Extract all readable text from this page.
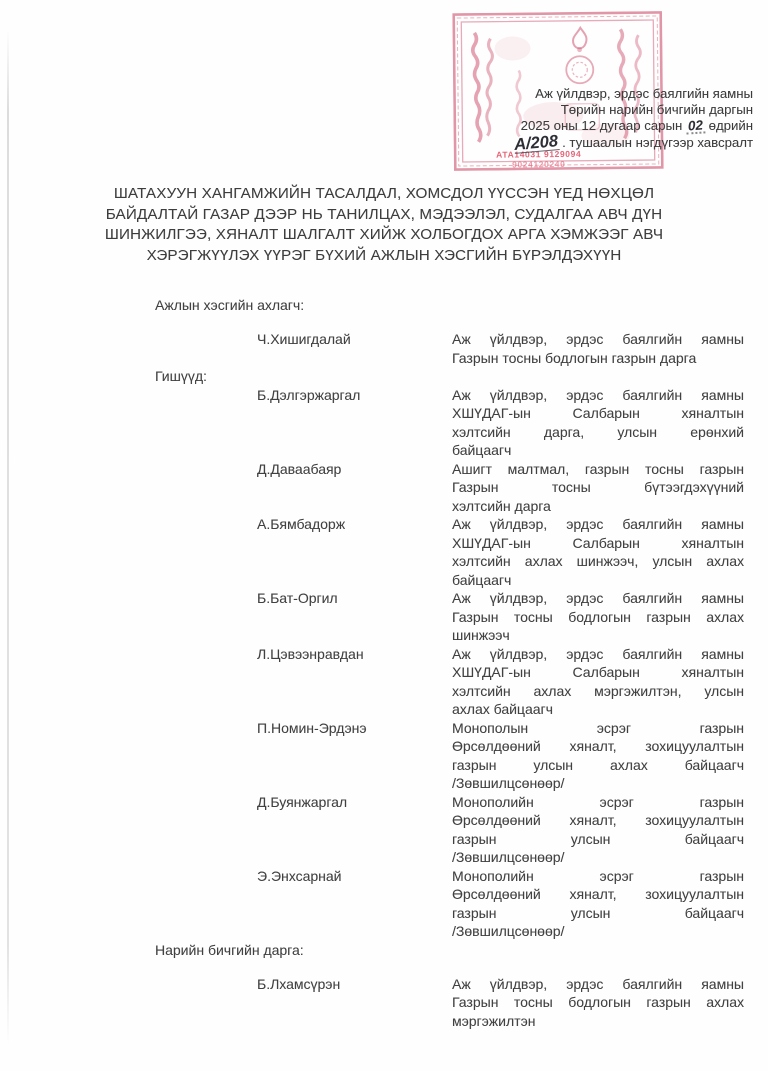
АТА14031 9129094
9024120240
Аж үйлдвэр, эрдэс баялгийн яамны
Төрийн нарийн бичгийн даргын
2025 оны 12 дугаар сарын 02 өдрийн
А/208 . тушаалын нэгдүгээр хавсралт
ШАТАХУУН ХАНГАМЖИЙН ТАСАЛДАЛ, ХОМСДОЛ ҮҮССЭН ҮЕД НӨХЦӨЛ
БАЙДАЛТАЙ ГАЗАР ДЭЭР НЬ ТАНИЛЦАХ, МЭДЭЭЛЭЛ, СУДАЛГАА АВЧ ДҮН
ШИНЖИЛГЭЭ, ХЯНАЛТ ШАЛГАЛТ ХИЙЖ ХОЛБОГДОХ АРГА ХЭМЖЭЭГ АВЧ
ХЭРЭГЖҮҮЛЭХ ҮҮРЭГ БҮХИЙ АЖЛЫН ХЭСГИЙН БҮРЭЛДЭХҮҮН
Ажлын хэсгийн ахлагч:
Ч.Хишигдалай	Аж үйлдвэр, эрдэс баялгийн яамны
Газрын тосны бодлогын газрын дарга
Гишүүд:
Б.Дэлгэржаргал	Аж үйлдвэр, эрдэс баялгийн яамны
ХШҮДАГ-ын Салбарын хяналтын
хэлтсийн дарга, улсын ерөнхий
байцаагч
Д.Даваабаяр	Ашигт малтмал, газрын тосны газрын
Газрын тосны бүтээгдэхүүний
хэлтсийн дарга
А.Бямбадорж	Аж үйлдвэр, эрдэс баялгийн яамны
ХШҮДАГ-ын Салбарын хяналтын
хэлтсийн ахлах шинжээч, улсын ахлах
байцаагч
Б.Бат-Оргил	Аж үйлдвэр, эрдэс баялгийн яамны
Газрын тосны бодлогын газрын ахлах
шинжээч
Л.Цэвээнравдан	Аж үйлдвэр, эрдэс баялгийн яамны
ХШҮДАГ-ын Салбарын хяналтын
хэлтсийн ахлах мэргэжилтэн, улсын
ахлах байцаагч
П.Номин-Эрдэнэ	Монополын эсрэг газрын
Өрсөлдөөний хяналт, зохицуулалтын
газрын улсын ахлах байцаагч
/Зөвшилцсөнөөр/
Д.Буянжаргал	Монополийн эсрэг газрын
Өрсөлдөөний хяналт, зохицуулалтын
газрын улсын байцаагч
/Зөвшилцсөнөөр/
Э.Энхсарнай	Монополийн эсрэг газрын
Өрсөлдөөний хяналт, зохицуулалтын
газрын улсын байцаагч
/Зөвшилцсөнөөр/
Нарийн бичгийн дарга:
Б.Лхамсүрэн	Аж үйлдвэр, эрдэс баялгийн яамны
Газрын тосны бодлогын газрын ахлах
мэргэжилтэн
